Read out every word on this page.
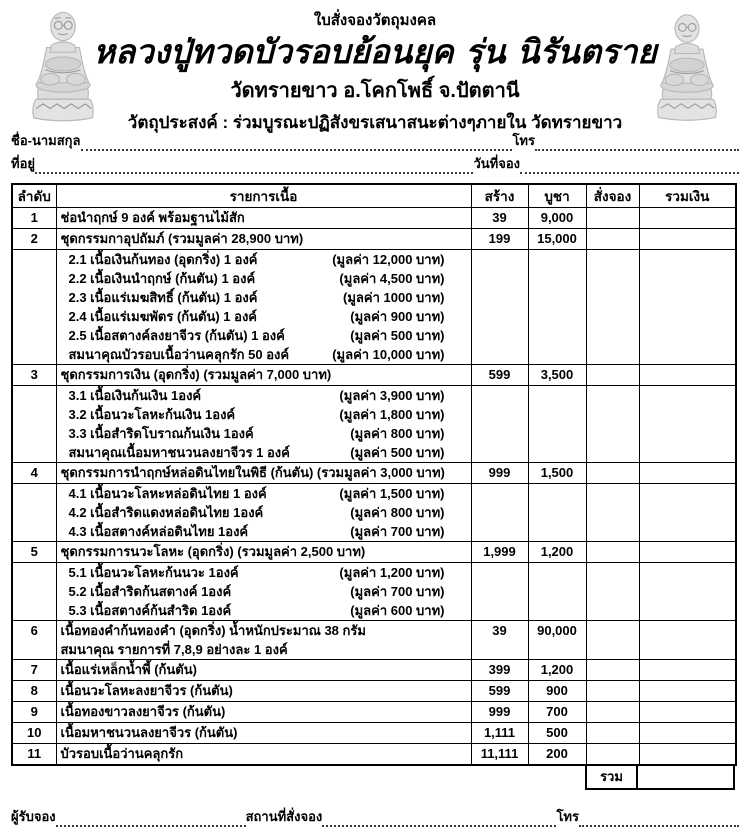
ใบสั่งจองวัตถุมงคล
หลวงปู่ทวดบัวรอบย้อนยุค รุ่น นิรันตราย
วัดทรายขาว อ.โคกโพธิ์ จ.ปัตตานี
วัตถุประสงค์ : ร่วมบูรณะปฏิสังขรเสนาสนะต่างๆภายใน วัดทรายขาว
ชื่อ-นามสกุล	โทร
ที่อยู่	วันที่จอง
ลำดับ	รายการเนื้อ	สร้าง	บูชา	สั่งจอง	รวมเงิน
1	ช่อนำฤกษ์ 9 องค์ พร้อมฐานไม้สัก	39	9,000		
2	ชุดกรรมกาอุปถัมภ์ (รวมมูลค่า 28,900 บาท)	199	15,000		

2.1 เนื้อเงินก้นทอง (อุดกริ่ง) 1 องค์	(มูลค่า 12,000 บาท)
2.2 เนื้อเงินนำฤกษ์ (ก้นตัน) 1 องค์	(มูลค่า 4,500 บาท)
2.3 เนื้อแร่เมฆสิทธิ์ (ก้นตัน) 1 องค์	(มูลค่า 1000 บาท)
2.4 เนื้อแร่เมฆพัตร (ก้นตัน) 1 องค์	(มูลค่า 900 บาท)
2.5 เนื้อสตางค์ลงยาจีวร (ก้นตัน) 1 องค์	(มูลค่า 500 บาท)
สมนาคุณบัวรอบเนื้อว่านคลุกรัก 50 องค์	(มูลค่า 10,000 บาท)

3	ชุดกรรมการเงิน (อุดกริ่ง) (รวมมูลค่า 7,000 บาท)	599	3,500		

3.1 เนื้อเงินก้นเงิน 1องค์	(มูลค่า 3,900 บาท)
3.2 เนื้อนวะโลหะก้นเงิน 1องค์	(มูลค่า 1,800 บาท)
3.3 เนื้อสำริดโบราณก้นเงิน 1องค์	(มูลค่า 800 บาท)
สมนาคุณเนื้อมหาชนวนลงยาจีวร 1 องค์	(มูลค่า 500 บาท)

4	ชุดกรรมการนำฤกษ์หล่อดินไทยในพิธี (ก้นตัน) (รวมมูลค่า 3,000 บาท)	999	1,500		

4.1 เนื้อนวะโลหะหล่อดินไทย 1 องค์	(มูลค่า 1,500 บาท)
4.2 เนื้อสำริดแดงหล่อดินไทย 1องค์	(มูลค่า 800 บาท)
4.3 เนื้อสตางค์หล่อดินไทย 1องค์	(มูลค่า 700 บาท)

5	ชุดกรรมการนวะโลหะ (อุดกริ่ง) (รวมมูลค่า 2,500 บาท)	1,999	1,200		

5.1 เนื้อนวะโลหะก้นนวะ 1องค์	(มูลค่า 1,200 บาท)
5.2 เนื้อสำริดก้นสตางค์ 1องค์	(มูลค่า 700 บาท)
5.3 เนื้อสตางค์ก้นสำริด 1องค์	(มูลค่า 600 บาท)

6	เนื้อทองคำก้นทองคำ (อุดกริ่ง) น้ำหนักประมาณ 38 กรัม
สมนาคุณ รายการที่ 7,8,9 อย่างละ 1 องค์	39	90,000		
7	เนื้อแร่เหล็กน้ำพี้ (ก้นตัน)	399	1,200		
8	เนื้อนวะโลหะลงยาจีวร (ก้นตัน)	599	900		
9	เนื้อทองขาวลงยาจีวร (ก้นตัน)	999	700		
10	เนื้อมหาชนวนลงยาจีวร (ก้นตัน)	1,111	500		
11	บัวรอบเนื้อว่านคลุกรัก	11,111	200		
รวม
ผู้รับจอง	สถานที่สั่งจอง	โทร
